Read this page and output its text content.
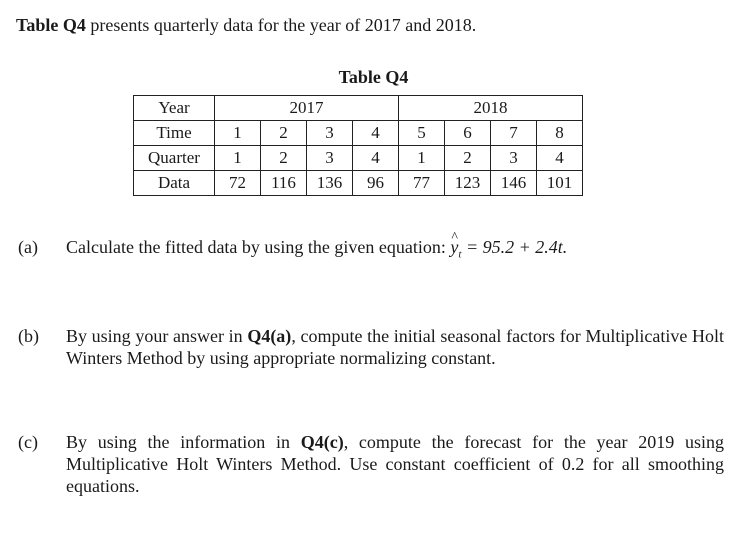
Table Q4 presents quarterly data for the year of 2017 and 2018.
Table Q4
Year	2017				2018			
Time	1	2	3	4	5	6	7	8
Quarter	1	2	3	4	1	2	3	4
Data	72	116	136	96	77	123	146	101
(a) Calculate the fitted data by using the given equation: ^ $y_t = 95.2 + 2.4t$.
(b) By using your answer in Q4(a), compute the initial seasonal factors for Multiplicative Holt Winters Method by using appropriate normalizing constant.
(c) By using the information in Q4(c), compute the forecast for the year 2019 using Multiplicative Holt Winters Method. Use constant coefficient of 0.2 for all smoothing equations.
